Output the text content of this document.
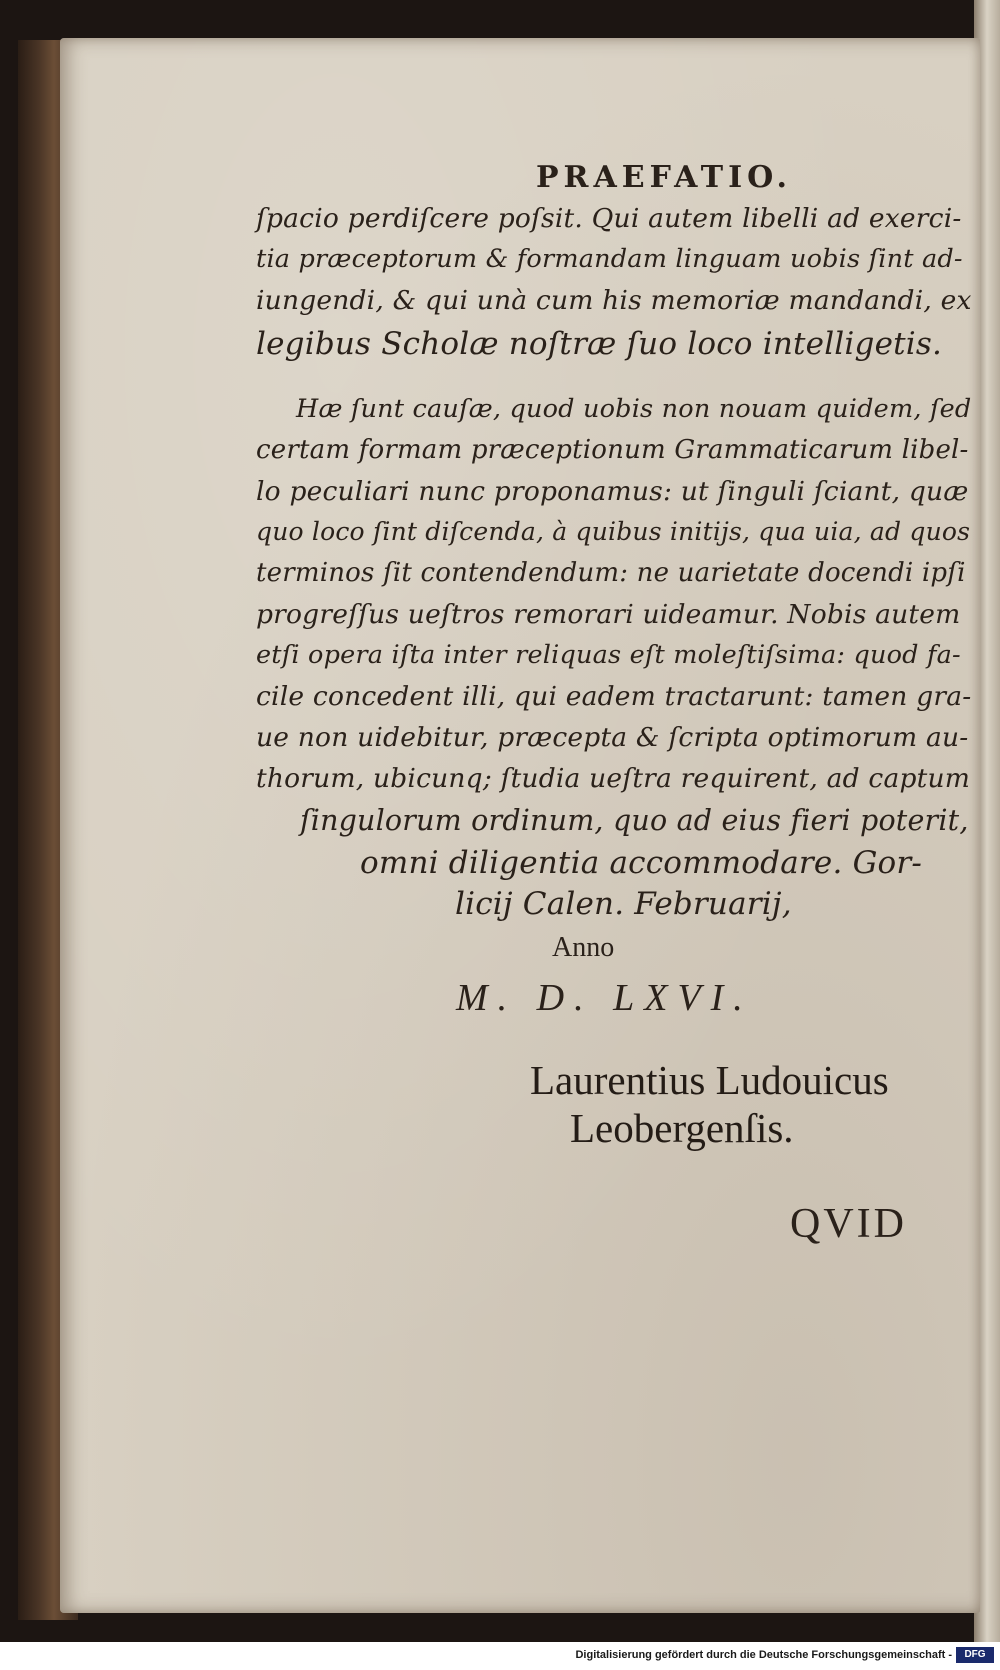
PRAEFATIO.
ſpacio perdiſcere poſsit. Qui autem libelli ad exerci-
tia præceptorum & formandam linguam uobis ſint ad-
iungendi, & qui unà cum his memoriæ mandandi, ex
legibus Scholæ noſtræ ſuo loco intelligetis.
Hæ ſunt cauſæ, quod uobis non nouam quidem, ſed
certam formam præceptionum Grammaticarum libel-
lo peculiari nunc proponamus: ut ſinguli ſciant, quæ
quo loco ſint diſcenda, à quibus initijs, qua uia, ad quos
terminos ſit contendendum: ne uarietate docendi ipſi
progreſſus ueſtros remorari uideamur. Nobis autem
etſi opera iſta inter reliquas eſt moleſtiſsima: quod fa-
cile concedent illi, qui eadem tractarunt: tamen gra-
ue non uidebitur, præcepta & ſcripta optimorum au-
thorum, ubicunq; ſtudia ueſtra requirent, ad captum
ſingulorum ordinum, quo ad eius fieri poterit,
omni diligentia accommodare. Gor-
licij Calen. Februarij,
Anno
M. D. LXVI.
Laurentius Ludouicus
Leobergenſis.
QVID
Digitalisierung gefördert durch die Deutsche Forschungsgemeinschaft -	DFG
